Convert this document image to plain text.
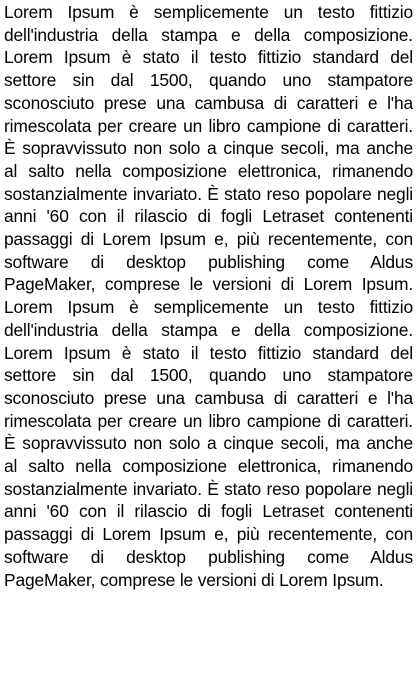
Lorem Ipsum è semplicemente un testo fittizio dell'industria della stampa e della composizione. Lorem Ipsum è stato il testo fittizio standard del settore sin dal 1500, quando uno stampatore sconosciuto prese una cambusa di caratteri e l'ha rimescolata per creare un libro campione di caratteri. È sopravvissuto non solo a cinque secoli, ma anche al salto nella composizione elettronica, rimanendo sostanzialmente invariato. È stato reso popolare negli anni '60 con il rilascio di fogli Letraset contenenti passaggi di Lorem Ipsum e, più recentemente, con software di desktop publishing come Aldus PageMaker, comprese le versioni di Lorem Ipsum. Lorem Ipsum è semplicemente un testo fittizio dell'industria della stampa e della composizione. Lorem Ipsum è stato il testo fittizio standard del settore sin dal 1500, quando uno stampatore sconosciuto prese una cambusa di caratteri e l'ha rimescolata per creare un libro campione di caratteri. È sopravvissuto non solo a cinque secoli, ma anche al salto nella composizione elettronica, rimanendo sostanzialmente invariato. È stato reso popolare negli anni '60 con il rilascio di fogli Letraset contenenti passaggi di Lorem Ipsum e, più recentemente, con software di desktop publishing come Aldus PageMaker, comprese le versioni di Lorem Ipsum.
